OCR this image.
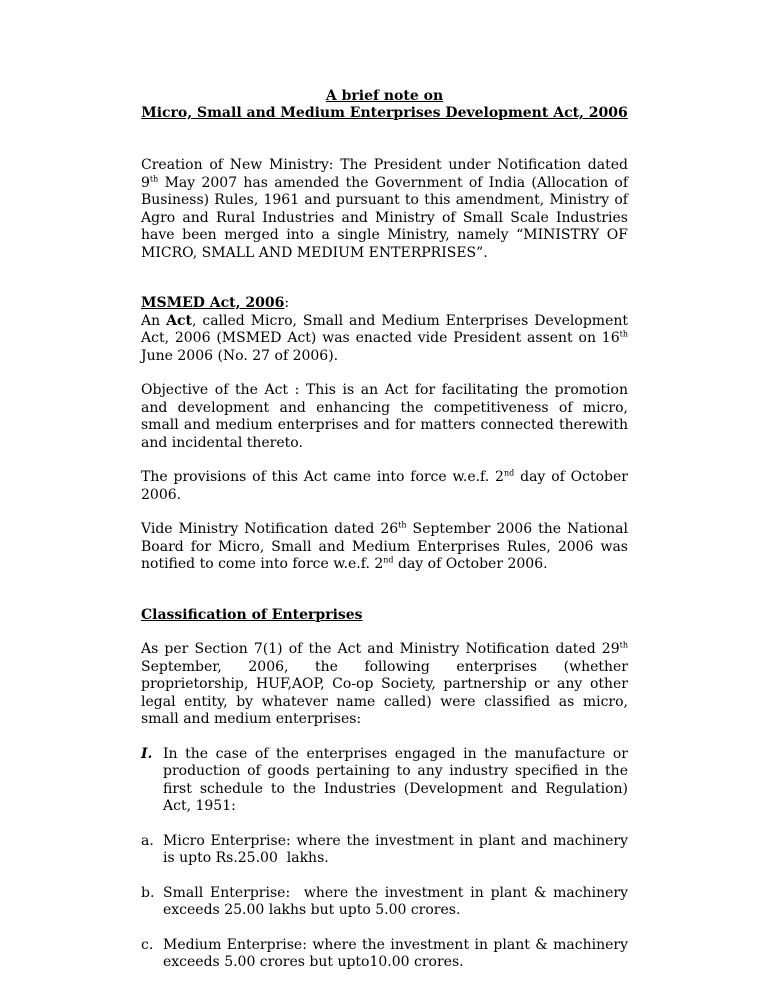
A brief note on

Micro, Small and Medium Enterprises Development Act, 2006

Creation of New Ministry: The President under Notification dated 9th May 2007 has amended the Government of India (Allocation of Business) Rules, 1961 and pursuant to this amendment, Ministry of Agro and Rural Industries and Ministry of Small Scale Industries have been merged into a single Ministry, namely “MINISTRY OF MICRO, SMALL AND MEDIUM ENTERPRISES”.

MSMED Act, 2006:
An Act, called Micro, Small and Medium Enterprises Development Act, 2006 (MSMED Act) was enacted vide President assent on 16th June 2006 (No. 27 of 2006).

Objective of the Act : This is an Act for facilitating the promotion and development and enhancing the competitiveness of micro, small and medium enterprises and for matters connected therewith and incidental thereto.

The provisions of this Act came into force w.e.f. 2nd day of October 2006.

Vide Ministry Notification dated 26th September 2006 the National Board for Micro, Small and Medium Enterprises Rules, 2006 was notified to come into force w.e.f. 2nd day of October 2006.

Classification of Enterprises

As per Section 7(1) of the Act and Ministry Notification dated 29th September, 2006, the following enterprises (whether proprietorship, HUF,AOP, Co-op Society, partnership or any other legal entity, by whatever name called) were classified as micro, small and medium enterprises:

I. In the case of the enterprises engaged in the manufacture or production of goods pertaining to any industry specified in the first schedule to the Industries (Development and Regulation) Act, 1951:
a. Micro Enterprise: where the investment in plant and machinery is upto Rs.25.00  lakhs.
b. Small Enterprise:  where the investment in plant & machinery exceeds 25.00 lakhs but upto 5.00 crores.
c. Medium Enterprise: where the investment in plant & machinery exceeds 5.00 crores but upto10.00 crores.
